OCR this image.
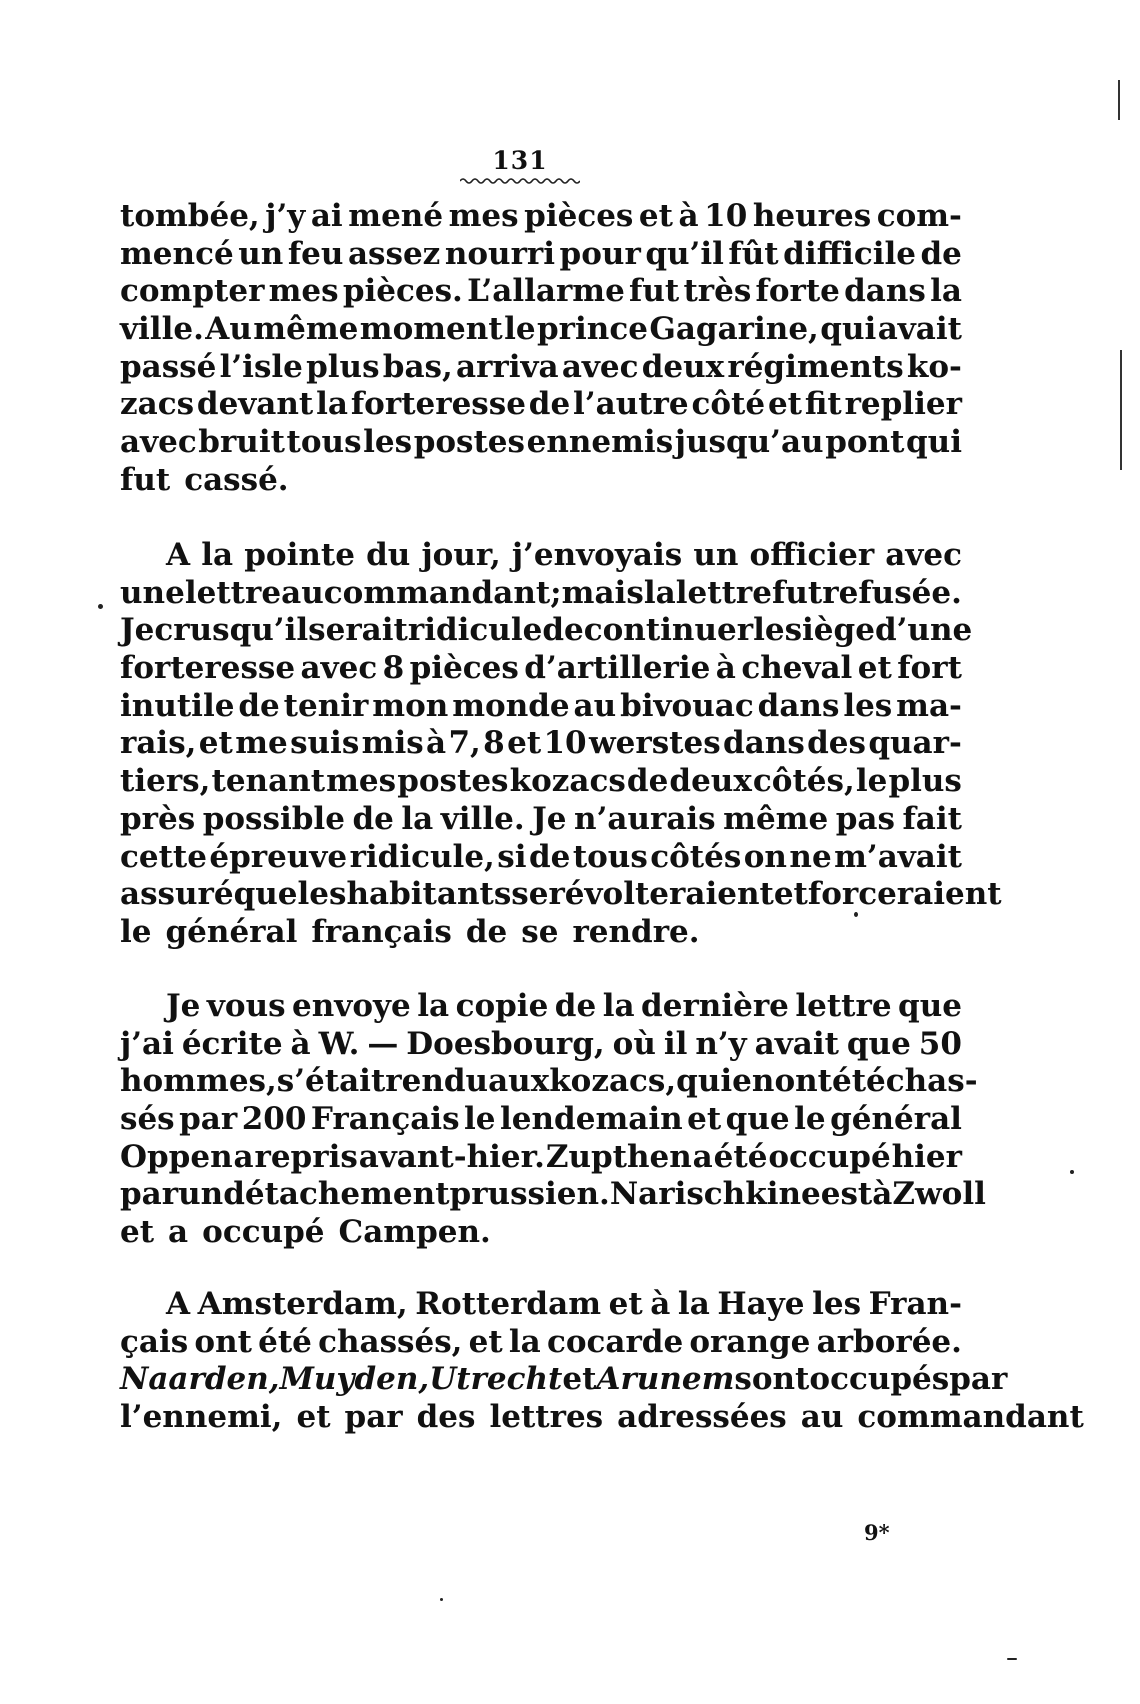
131
tombée, j’y ai mené mes pièces et à 10 heures com-
mencé un feu assez nourri pour qu’il fût difficile de
compter mes pièces. L’allarme fut très forte dans la
ville. Au même moment le prince Gagarine, qui avait
passé l’isle plus bas, arriva avec deux régiments ko-
zacs devant la forteresse de l’autre côté et fit replier
avec bruit tous les postes ennemis jusqu’au pont qui
fut cassé.
A la pointe du jour, j’envoyais un officier avec
une lettre au commandant; mais la lettre fut refusée.
Je crus qu’il serait ridicule de continuer le siège d’une
forteresse avec 8 pièces d’artillerie à cheval et fort
inutile de tenir mon monde au bivouac dans les ma-
rais, et me suis mis à 7, 8 et 10 werstes dans des quar-
tiers, tenant mes postes kozacs de deux côtés, le plus
près possible de la ville. Je n’aurais même pas fait
cette épreuve ridicule, si de tous côtés on ne m’avait
assuré que les habitants se révolteraient et forceraient
le général français de se rendre.
Je vous envoye la copie de la dernière lettre que
j’ai écrite à W. — Doesbourg, où il n’y avait que 50
hommes, s’était rendu aux kozacs, qui en ont été chas-
sés par 200 Français le lendemain et que le général
Oppen a repris avant-hier. Zupthen a été occupé hier
par un détachement prussien. Narischkine est à Zwoll
et a occupé Campen.
A Amsterdam, Rotterdam et à la Haye les Fran-
çais ont été chassés, et la cocarde orange arborée.
Naarden, Muyden, Utrecht et Arunem sont occupés par
l’ennemi, et par des lettres adressées au commandant
9*
